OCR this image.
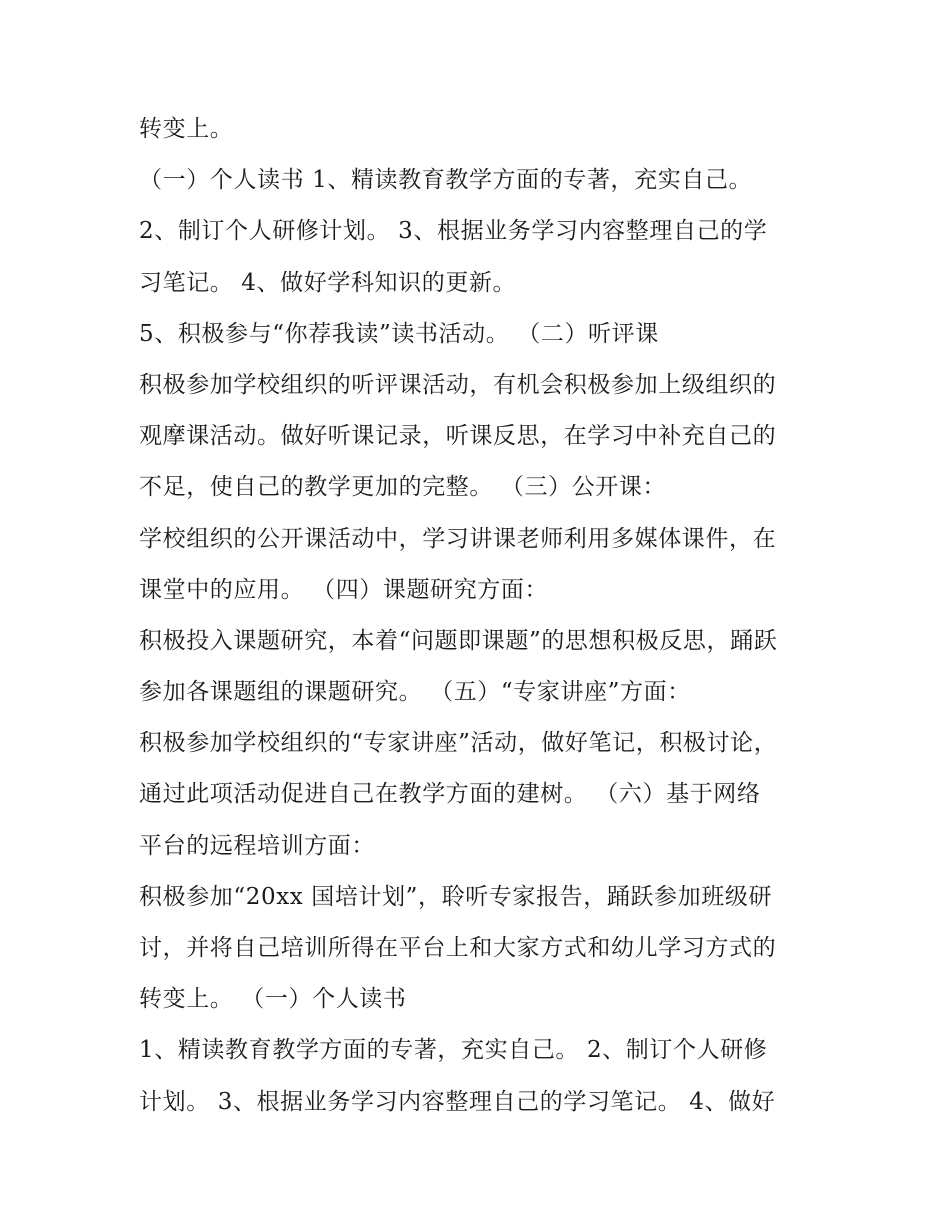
转变上。
（一）个人读书 1、精读教育教学方面的专著，充实自己。
2、制订个人研修计划。 3、根据业务学习内容整理自己的学
习笔记。 4、做好学科知识的更新。
5、积极参与“你荐我读”读书活动。 （二）听评课
积极参加学校组织的听评课活动，有机会积极参加上级组织的
观摩课活动。做好听课记录，听课反思，在学习中补充自己的
不足，使自己的教学更加的完整。 （三）公开课：
学校组织的公开课活动中，学习讲课老师利用多媒体课件，在
课堂中的应用。 （四）课题研究方面：
积极投入课题研究，本着“问题即课题”的思想积极反思，踊跃
参加各课题组的课题研究。 （五）“专家讲座”方面：
积极参加学校组织的“专家讲座”活动，做好笔记，积极讨论，
通过此项活动促进自己在教学方面的建树。 （六）基于网络
平台的远程培训方面：
积极参加“20xx 国培计划”，聆听专家报告，踊跃参加班级研
讨，并将自己培训所得在平台上和大家方式和幼儿学习方式的
转变上。 （一）个人读书
1、精读教育教学方面的专著，充实自己。 2、制订个人研修
计划。 3、根据业务学习内容整理自己的学习笔记。 4、做好
